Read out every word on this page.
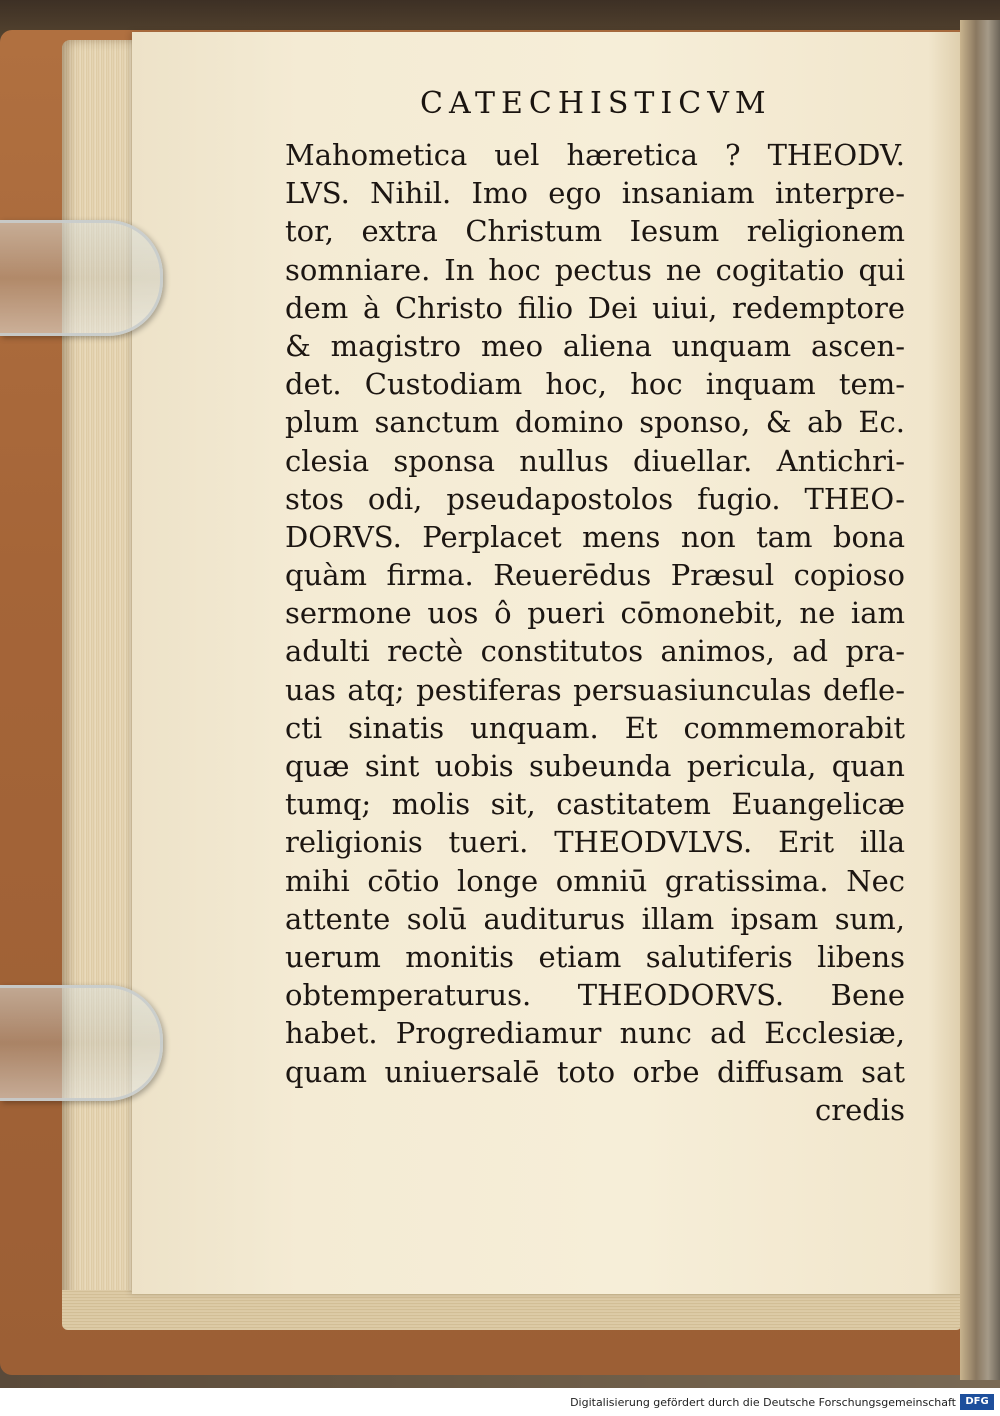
CATECHISTICVM
Mahometica uel hæretica ? THEODV.
LVS. Nihil. Imo ego insaniam interpre-
tor, extra Christum Iesum religionem
somniare. In hoc pectus ne cogitatio qui
dem à Christo filio Dei uiui, redemptore
& magistro meo aliena unquam ascen-
det. Custodiam hoc, hoc inquam tem-
plum sanctum domino sponso, & ab Ec.
clesia sponsa nullus diuellar. Antichri-
stos odi, pseudapostolos fugio. THEO-
DORVS. Perplacet mens non tam bona
quàm firma. Reuerēdus Præsul copioso
sermone uos ô pueri cōmonebit, ne iam
adulti rectè constitutos animos, ad pra-
uas atq; pestiferas persuasiunculas defle-
cti sinatis unquam. Et commemorabit
quæ sint uobis subeunda pericula, quan
tumq; molis sit, castitatem Euangelicæ
religionis tueri. THEODVLVS. Erit illa
mihi cōtio longe omniū gratissima. Nec
attente solū auditurus illam ipsam sum,
uerum monitis etiam salutiferis libens
obtemperaturus. THEODORVS. Bene
habet. Progrediamur nunc ad Ecclesiæ,
quam uniuersalē toto orbe diffusam sat
credis
Digitalisierung gefördert durch die Deutsche Forschungsgemeinschaft DFG
